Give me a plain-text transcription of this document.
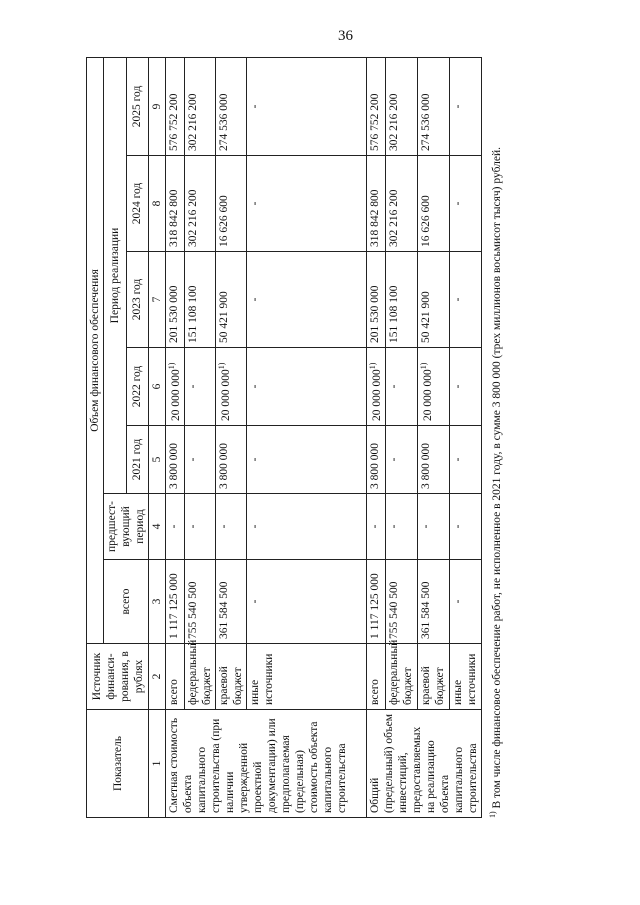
36
Показатель	Источник финанси-рования, в рублях	Объем финансового обеспечения						
		всего	предшест-вующий период	Период реализации				
				2021 год	2022 год	2023 год	2024 год	2025 год
1	2	3	4	5	6	7	8	9
Сметная стоимость объекта капитального строительства (при наличии утвержденной проектной документации) или предполагаемая (предельная) стоимость объекта капитального строительства	всего	1 117 125 000	-	3 800 000	20 000 000$^{1)}$	201 530 000	318 842 800	576 752 200
	федеральный бюджет	755 540 500	-	-	-	151 108 100	302 216 200	302 216 200
	краевой бюджет	361 584 500	-	3 800 000	20 000 000$^{1)}$	50 421 900	16 626 600	274 536 000
	иные источники	-	-	-	-	-	-	-
Общий (предельный) объем инвестиций, предоставляемых на реализацию объекта капитального строительства	всего	1 117 125 000	-	3 800 000	20 000 000$^{1)}$	201 530 000	318 842 800	576 752 200
	федеральный бюджет	755 540 500	-	-	-	151 108 100	302 216 200	302 216 200
	краевой бюджет	361 584 500	-	3 800 000	20 000 000$^{1)}$	50 421 900	16 626 600	274 536 000
	иные источники	-	-	-	-	-	-	-
$^{1)}$ В том числе финансовое обеспечение работ, не исполненное в 2021 году, в сумме 3 800 000 (трех миллионов восьмисот тысяч) рублей.
